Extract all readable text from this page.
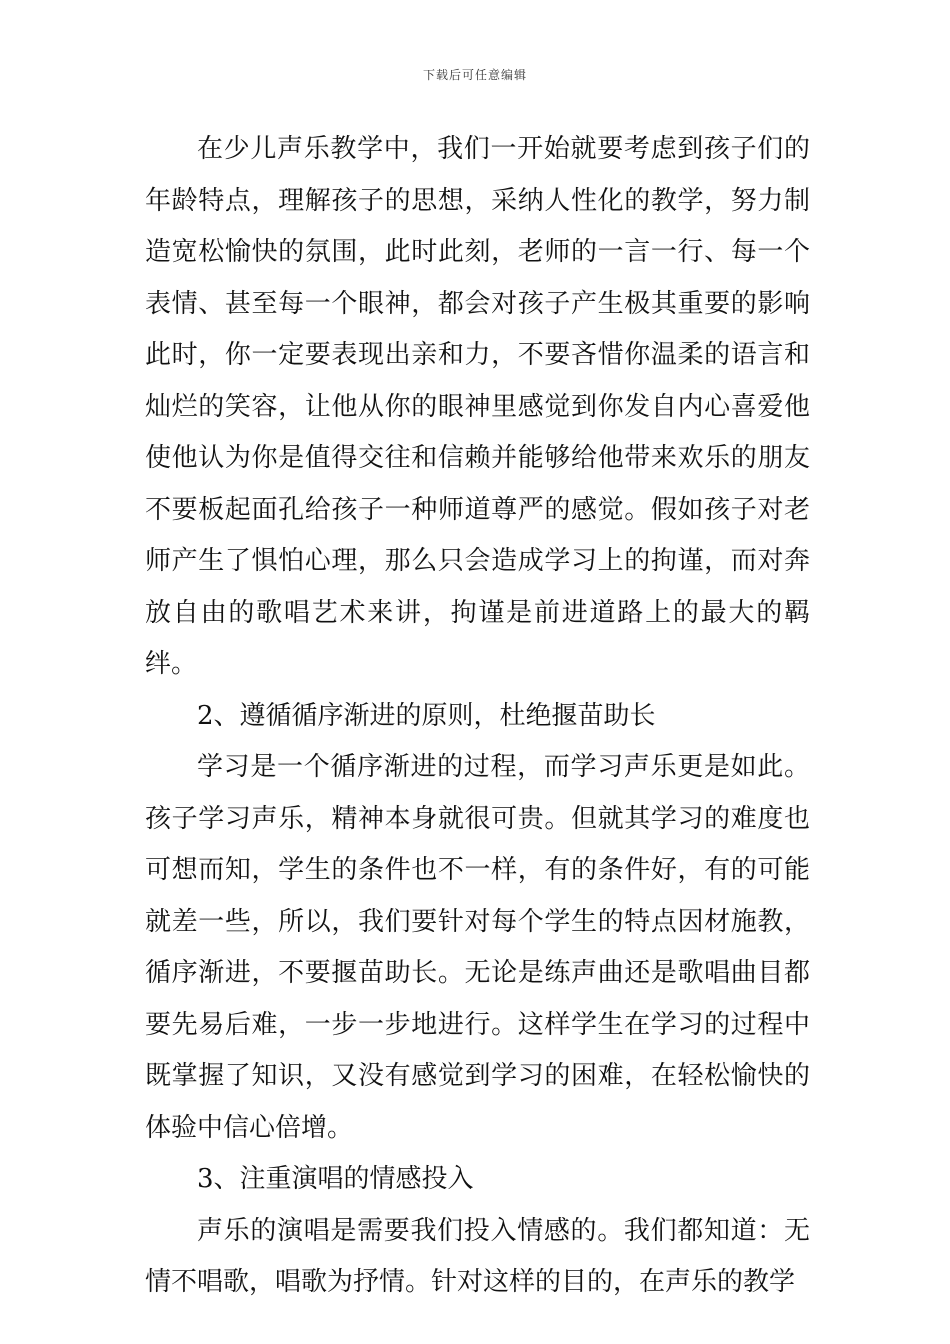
下载后可任意编辑

在少儿声乐教学中，我们一开始就要考虑到孩子们的年龄特点，理解孩子的思想，采纳人性化的教学，努力制造宽松愉快的氛围，此时此刻，老师的一言一行、每一个表情、甚至每一个眼神，都会对孩子产生极其重要的影响此时，你一定要表现出亲和力，不要吝惜你温柔的语言和灿烂的笑容，让他从你的眼神里感觉到你发自内心喜爱他使他认为你是值得交往和信赖并能够给他带来欢乐的朋友不要板起面孔给孩子一种师道尊严的感觉。假如孩子对老师产生了惧怕心理，那么只会造成学习上的拘谨，而对奔放自由的歌唱艺术来讲，拘谨是前进道路上的最大的羁绊。

2、遵循循序渐进的原则，杜绝揠苗助长

学习是一个循序渐进的过程，而学习声乐更是如此。孩子学习声乐，精神本身就很可贵。但就其学习的难度也可想而知，学生的条件也不一样，有的条件好，有的可能就差一些，所以，我们要针对每个学生的特点因材施教，循序渐进，不要揠苗助长。无论是练声曲还是歌唱曲目都要先易后难，一步一步地进行。这样学生在学习的过程中既掌握了知识，又没有感觉到学习的困难，在轻松愉快的体验中信心倍增。

3、注重演唱的情感投入

声乐的演唱是需要我们投入情感的。我们都知道：无情不唱歌，唱歌为抒情。针对这样的目的，在声乐的教学
